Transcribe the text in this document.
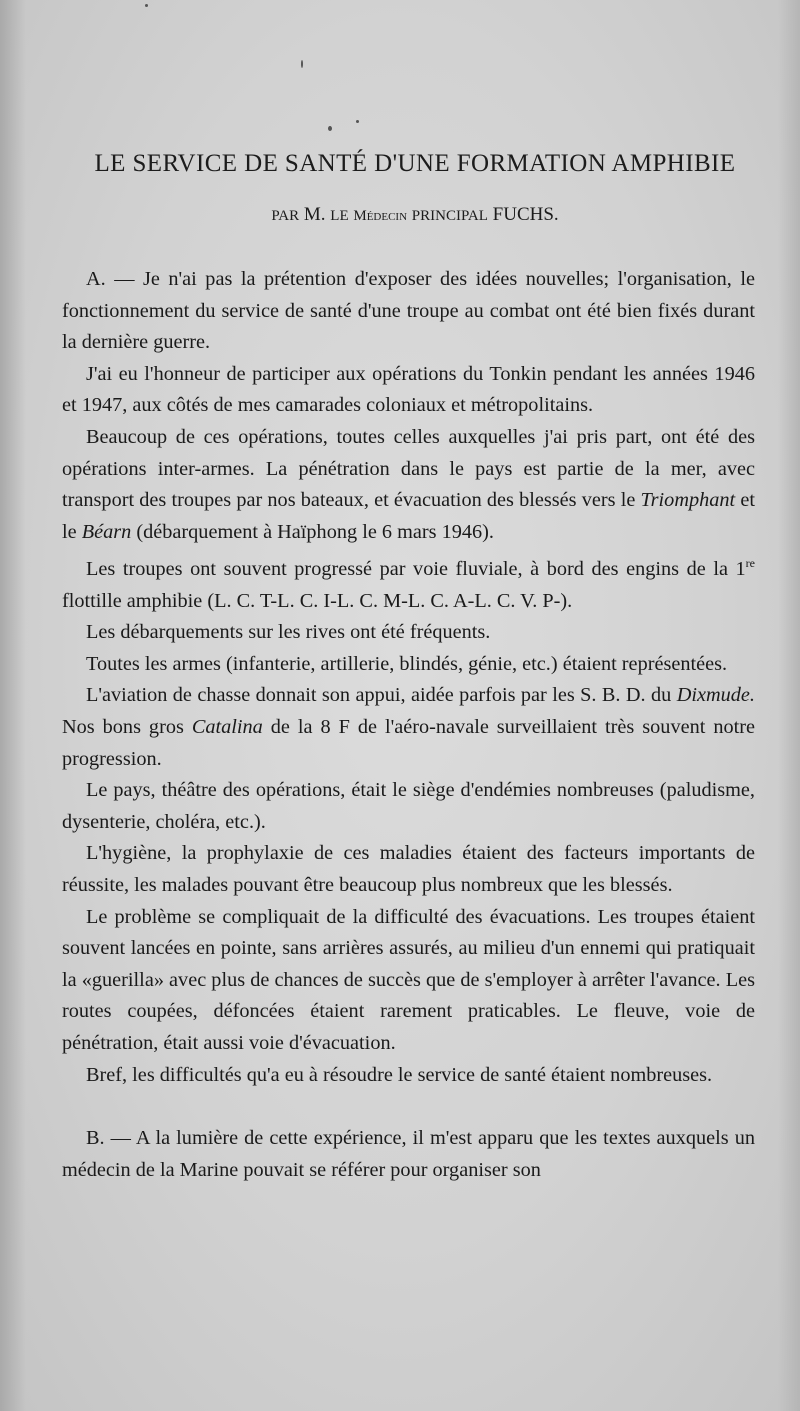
LE SERVICE DE SANTÉ D'UNE FORMATION AMPHIBIE
PAR M. LE Médecin PRINCIPAL FUCHS.

A. — Je n'ai pas la prétention d'exposer des idées nouvelles; l'organisation, le fonctionnement du service de santé d'une troupe au combat ont été bien fixés durant la dernière guerre.

J'ai eu l'honneur de participer aux opérations du Tonkin pendant les années 1946 et 1947, aux côtés de mes camarades coloniaux et métropolitains.

Beaucoup de ces opérations, toutes celles auxquelles j'ai pris part, ont été des opérations inter-armes. La pénétration dans le pays est partie de la mer, avec transport des troupes par nos bateaux, et évacuation des blessés vers le Triomphant et le Béarn (débarquement à Haïphong le 6 mars 1946).

Les troupes ont souvent progressé par voie fluviale, à bord des engins de la 1re flottille amphibie (L. C. T-L. C. I-L. C. M-L. C. A-L. C. V. P-).

Les débarquements sur les rives ont été fréquents.

Toutes les armes (infanterie, artillerie, blindés, génie, etc.) étaient représentées.

L'aviation de chasse donnait son appui, aidée parfois par les S. B. D. du Dixmude. Nos bons gros Catalina de la 8 F de l'aéro-navale surveillaient très souvent notre progression.

Le pays, théâtre des opérations, était le siège d'endémies nombreuses (paludisme, dysenterie, choléra, etc.).

L'hygiène, la prophylaxie de ces maladies étaient des facteurs importants de réussite, les malades pouvant être beaucoup plus nombreux que les blessés.

Le problème se compliquait de la difficulté des évacuations. Les troupes étaient souvent lancées en pointe, sans arrières assurés, au milieu d'un ennemi qui pratiquait la «guerilla» avec plus de chances de succès que de s'employer à arrêter l'avance. Les routes coupées, défoncées étaient rarement praticables. Le fleuve, voie de pénétration, était aussi voie d'évacuation.

Bref, les difficultés qu'a eu à résoudre le service de santé étaient nombreuses.

B. — A la lumière de cette expérience, il m'est apparu que les textes auxquels un médecin de la Marine pouvait se référer pour organiser son
